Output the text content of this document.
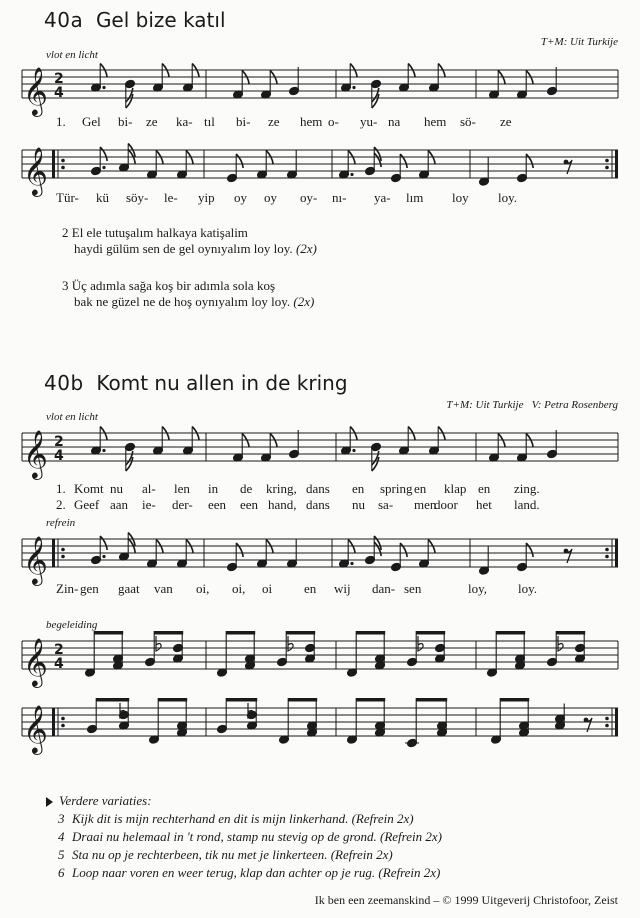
40a Gel bize katıl
T+M: Uit Turkije
vlot en licht
𝄞 2
4
1. Gel bi- ze ka- tıl bi- ze hem o- yu- na hem sö- ze
𝄞
Tür- kü söy- le- yip oy oy oy- nı- ya- lım loy loy.
2 El ele tutuşalım halkaya katişalim
haydi gülüm sen de gel oynıyalım loy loy. (2x)
3 Üç adımla sağa koş bir adımla sola koş
bak ne güzel ne de hoş oynıyalım loy loy. (2x)
40b Komt nu allen in de kring
T+M: Uit Turkije   V: Petra Rosenberg
vlot en licht
𝄞 2
4
1. Komt nu al- len in de kring, dans en spring en klap en zing.
2. Geef aan ie- der- een een hand, dans nu sa- men
door het land.
refrein
𝄞
Zin- gen gaat van oi, oi, oi en wij dan- sen	loy, loy.
begeleiding
𝄞 2
4
𝄞
Verdere variaties:
3 Kijk dit is mijn rechterhand en dit is mijn linkerhand. (Refrein 2x)
4 Draai nu helemaal in 't rond, stamp nu stevig op de grond. (Refrein 2x)
5 Sta nu op je rechterbeen, tik nu met je linkerteen. (Refrein 2x)
6 Loop naar voren en weer terug, klap dan achter op je rug. (Refrein 2x)
Ik ben een zeemanskind – © 1999 Uitgeverij Christofoor, Zeist
